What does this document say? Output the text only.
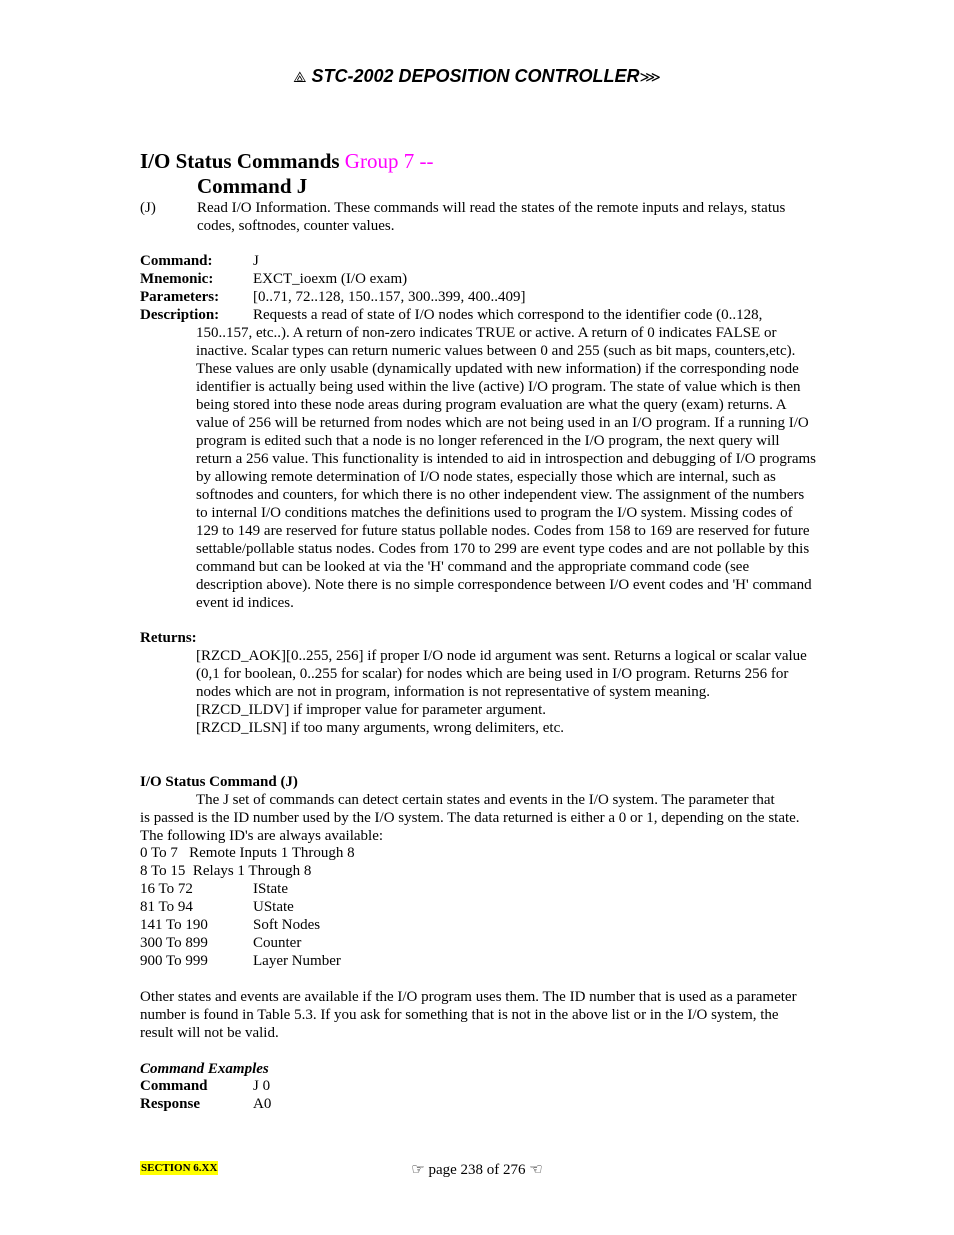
⟁ STC-2002 DEPOSITION CONTROLLER⋙
I/O Status Commands Group 7 --
Command J
(J)	Read I/O Information. These commands will read the states of the remote inputs and relays, status codes, softnodes, counter values.
Command:	J
Mnemonic:	EXCT_ioexm (I/O exam)
Parameters: [0..71, 72..128, 150..157, 300..399, 400..409]
Description: Requests a read of state of I/O nodes which correspond to the identifier code (0..128,
150..157, etc..). A return of non-zero indicates TRUE or active. A return of 0 indicates FALSE or inactive. Scalar types can return numeric values between 0 and 255 (such as bit maps, counters,etc). These values are only usable (dynamically updated with new information) if the corresponding node identifier is actually being used within the live (active) I/O program. The state of value which is then being stored into these node areas during program evaluation are what the query (exam) returns. A value of 256 will be returned from nodes which are not being used in an I/O program. If a running I/O program is edited such that a node is no longer referenced in the I/O program, the next query will return a 256 value. This functionality is intended to aid in introspection and debugging of I/O programs by allowing remote determination of I/O node states, especially those which are internal, such as softnodes and counters, for which there is no other independent view. The assignment of the numbers to internal I/O conditions matches the definitions used to program the I/O system. Missing codes of 129 to 149 are reserved for future status pollable nodes. Codes from 158 to 169 are reserved for future settable/pollable status nodes. Codes from 170 to 299 are event type codes and are not pollable by this command but can be looked at via the 'H' command and the appropriate command code (see description above). Note there is no simple correspondence between I/O event codes and 'H' command event id indices.
Returns:
[RZCD_AOK][0..255, 256] if proper I/O node id argument was sent. Returns a logical or scalar value (0,1 for boolean, 0..255 for scalar) for nodes which are being used in I/O program. Returns 256 for nodes which are not in program, information is not representative of system meaning.
[RZCD_ILDV] if improper value for parameter argument.
[RZCD_ILSN] if too many arguments, wrong delimiters, etc.
I/O Status Command (J)
The J set of commands can detect certain states and events in the I/O system. The parameter that
is passed is the ID number used by the I/O system. The data returned is either a 0 or 1, depending on the state. The following ID's are always available:
0 To 7 Remote Inputs 1 Through 8
8 To 15 Relays 1 Through 8
16 To 72	IState
81 To 94	UState
141 To 190	Soft Nodes
300 To 899	Counter
900 To 999	Layer Number
Other states and events are available if the I/O program uses them. The ID number that is used as a parameter number is found in Table 5.3. If you ask for something that is not in the above list or in the I/O system, the result will not be valid.
Command Examples
Command	J 0
Response	A0
SECTION 6.XX	☞ page 238 of 276 ☜
